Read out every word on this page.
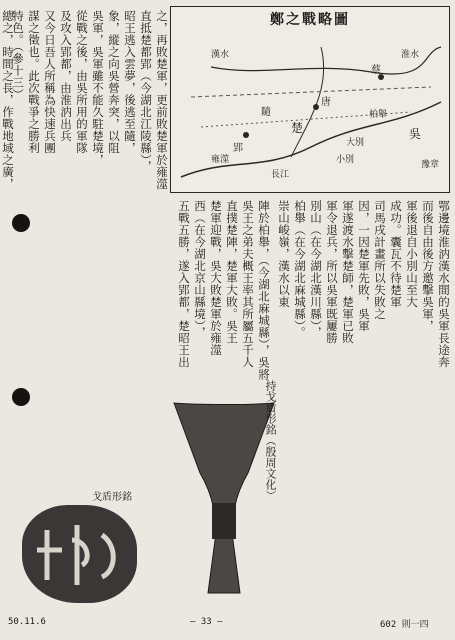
鄭之戰略圖
郢
楚
蔡
唐
隨
吳
漢水
大別
小別
柏舉
淮水
長江
雍澨	豫章
鄂邊境淮汭漢水間的吳軍長途奔
而後自由後方邀擊吳軍，
軍後退自小別山至大
成功。囊瓦不待楚軍
司馬戌計畫所以失敗之
因，一因楚軍先敗，吳軍
軍遂渡水擊楚師，楚軍已敗
軍令退兵，所以吳軍既屢勝
別山（在今湖北漢川縣），
柏舉（在今湖北麻城縣）。
崇山峻嶺，漢水以東
陣於柏舉，（今湖北麻城縣），吳將
吳王之弟夫概王率其所屬五千人
直撲楚陣，楚軍大敗。吳王
楚軍迎戰，吳大敗楚軍於雍澨
西（在今湖北京山縣境），
五戰五勝，遂入郢都，楚昭王出
持戈盾形銘（殷周文化）
之，再敗楚軍，更前敗楚軍於雍澨
直抵楚都郢（今湖北江陵縣），
昭王逃入雲夢，後逃至隨，
象，縱之向吳營奔突，以阻
吳軍，吳軍雖不能久駐楚境，
從戰之後，由吳所用的軍隊
及攻入郢都，由淮汭出兵
又今日吾人所稱為快速兵團
謀之徵也。此次戰爭之勝利
特色。（參十三）
總之，時間之長，作戰地域之廣，
戈盾形銘
50.11.6	— 33 —	602 則一四
